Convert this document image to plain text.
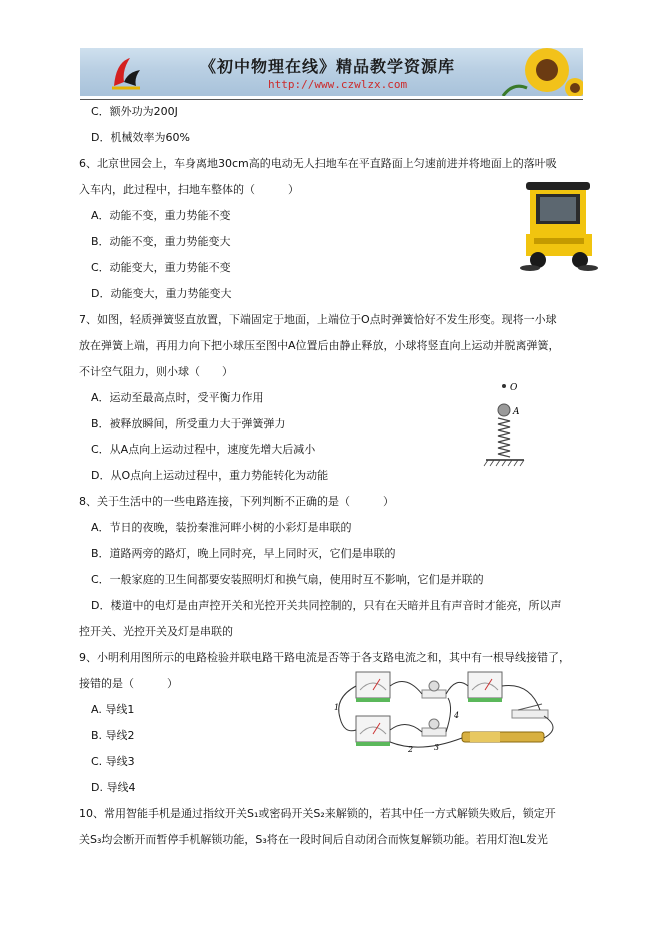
《初中物理在线》精品教学资源库
http://www.czwlzx.com
C．额外功为200J
D．机械效率为60%
6、北京世园会上，车身离地30cm高的电动无人扫地车在平直路面上匀速前进并将地面上的落叶吸
入车内，此过程中，扫地车整体的（　　　）
A．动能不变，重力势能不变
B．动能不变，重力势能变大
C．动能变大，重力势能不变
D．动能变大，重力势能变大
7、如图，轻质弹簧竖直放置，下端固定于地面，上端位于O点时弹簧恰好不发生形变。现将一小球
放在弹簧上端，再用力向下把小球压至图中A位置后由静止释放，小球将竖直向上运动并脱离弹簧，
不计空气阻力，则小球（　　）
A．运动至最高点时，受平衡力作用
B．被释放瞬间，所受重力大于弹簧弹力
C．从A点向上运动过程中，速度先增大后减小
D．从O点向上运动过程中，重力势能转化为动能
O
A
8、关于生活中的一些电路连接，下列判断不正确的是（　　　）
A．节日的夜晚，装扮秦淮河畔小树的小彩灯是串联的
B．道路两旁的路灯，晚上同时亮，早上同时灭，它们是串联的
C．一般家庭的卫生间都要安装照明灯和换气扇，使用时互不影响，它们是并联的
D．楼道中的电灯是由声控开关和光控开关共同控制的，只有在天暗并且有声音时才能亮，所以声
控开关、光控开关及灯是串联的
9、小明利用图所示的电路检验并联电路干路电流是否等于各支路电流之和，其中有一根导线接错了，
接错的是（　　　）
A. 导线1
B. 导线2
C. 导线3
D. 导线4
1
2	3
4
10、常用智能手机是通过指纹开关S₁或密码开关S₂来解锁的，若其中任一方式解锁失败后，锁定开
关S₃均会断开而暂停手机解锁功能，S₃将在一段时间后自动闭合而恢复解锁功能。若用灯泡L发光
